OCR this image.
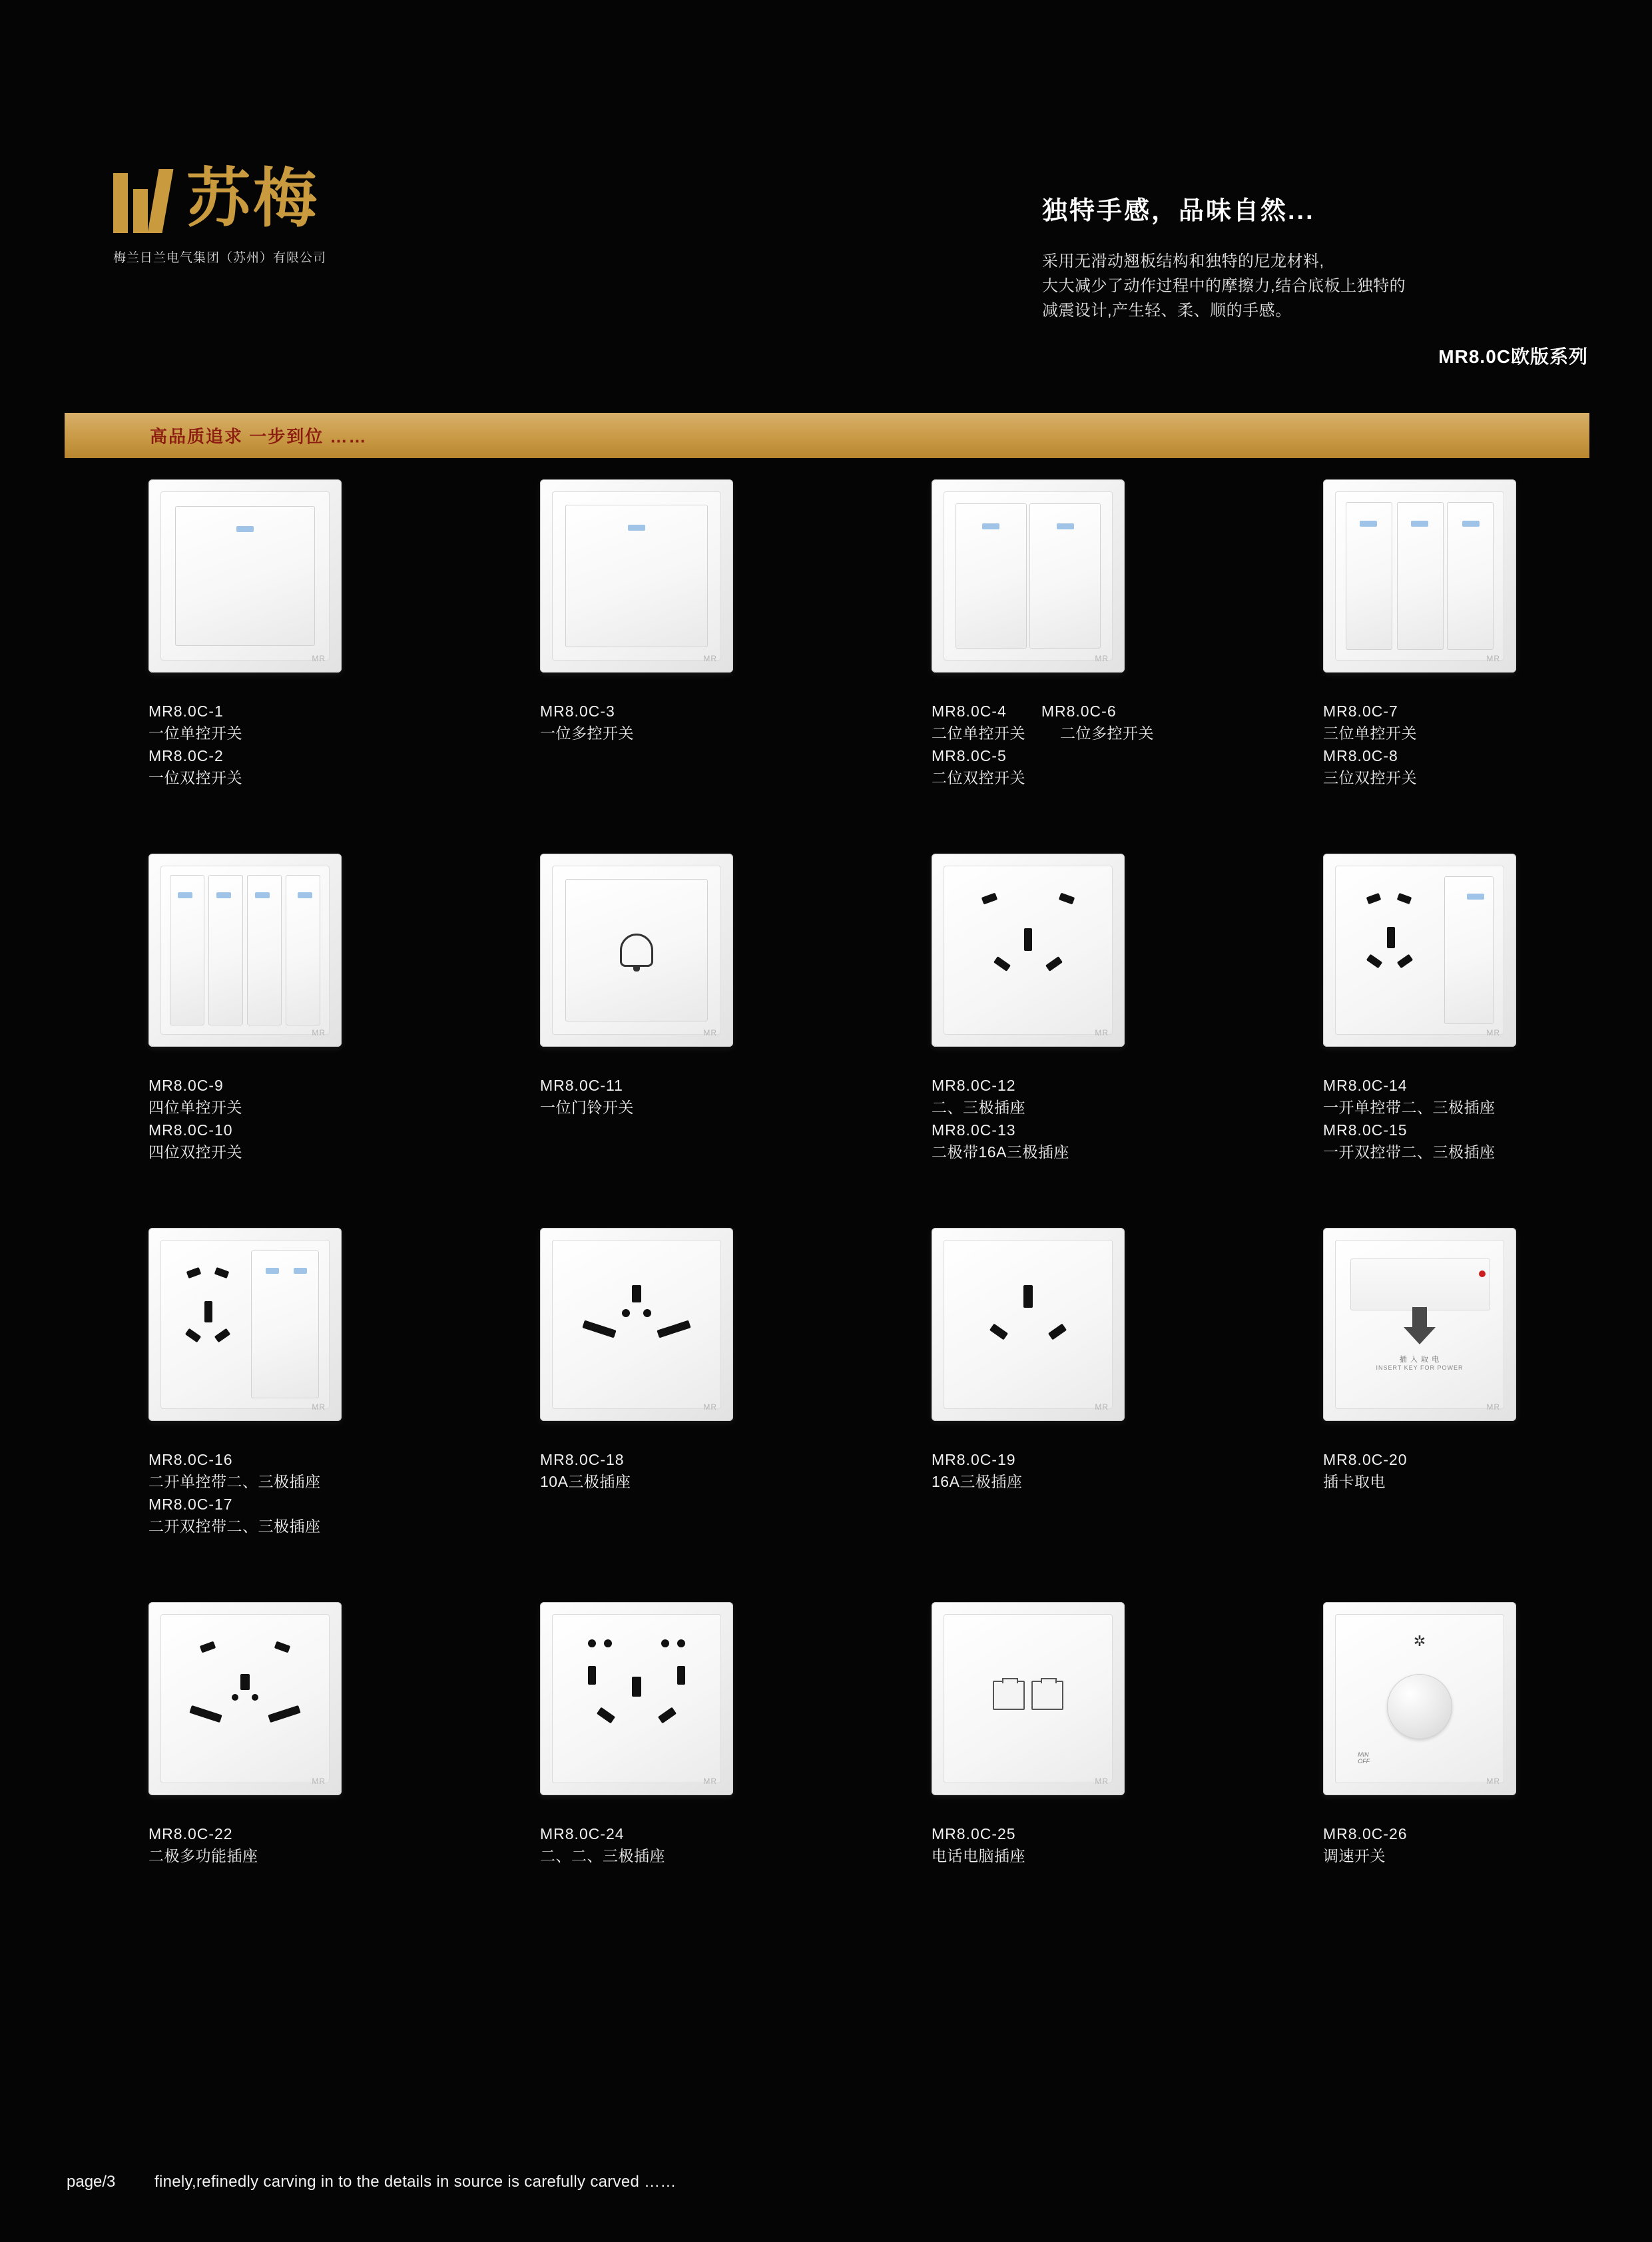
苏梅
梅兰日兰电气集团（苏州）有限公司
独特手感，品味自然...

采用无滑动翘板结构和独特的尼龙材料,
大大减少了动作过程中的摩擦力,结合底板上独特的
减震设计,产生轻、柔、顺的手感。

MR8.0C欧版系列
高品质追求 一步到位 ……
MR
MR8.0C-1
一位单控开关
MR8.0C-2
一位双控开关
MR
MR8.0C-3
一位多控开关
MR
MR8.0C-4 MR8.0C-6
二位单控开关 二位多控开关
MR8.0C-5
二位双控开关
MR
MR8.0C-7
三位单控开关
MR8.0C-8
三位双控开关
MR
MR8.0C-9
四位单控开关
MR8.0C-10
四位双控开关
MR
MR8.0C-11
一位门铃开关
MR
MR8.0C-12
二、三极插座
MR8.0C-13
二极带16A三极插座
MR
MR8.0C-14
一开单控带二、三极插座
MR8.0C-15
一开双控带二、三极插座
MR
MR8.0C-16
二开单控带二、三极插座
MR8.0C-17
二开双控带二、三极插座
MR
MR8.0C-18
10A三极插座
MR
MR8.0C-19
16A三极插座
插 入 取 电
INSERT KEY FOR POWER
MR
MR8.0C-20
插卡取电
MR
MR8.0C-22
二极多功能插座
MR
MR8.0C-24
二、二、三极插座
MR
MR8.0C-25
电话电脑插座
✲
MIN
OFF
MR
MR8.0C-26
调速开关
page/3 finely,refinedly carving in to the details in source is carefully carved ……
